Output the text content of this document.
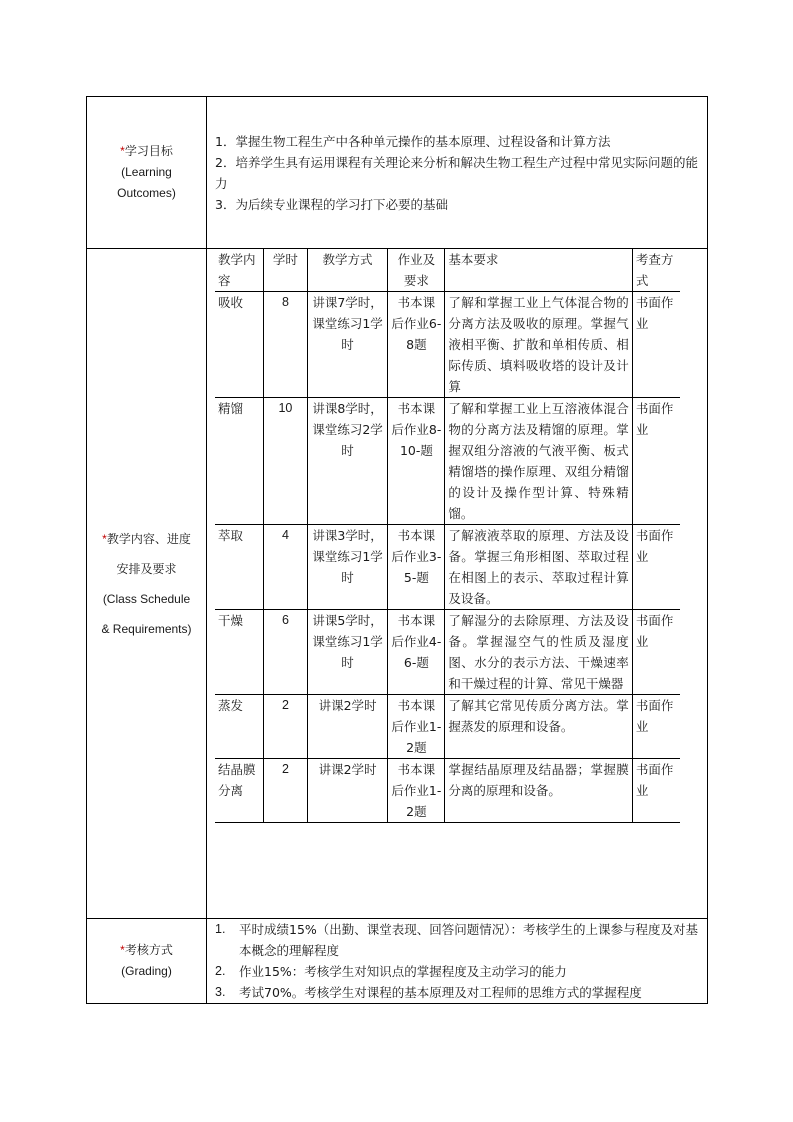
*学习目标
(Learning
Outcomes)

1．掌握生物工程生产中各种单元操作的基本原理、过程设备和计算方法
2．培养学生具有运用课程有关理论来分析和解决生物工程生产过程中常见实际问题的能力
3．为后续专业课程的学习打下必要的基础

*教学内容、进度
安排及要求
(Class Schedule
& Requirements)

教学内容	学时	教学方式	作业及要求	基本要求	考查方式
吸收	8	讲课7学时，课堂练习1学时	书本课后作业6-8题	了解和掌握工业上气体混合物的分离方法及吸收的原理。掌握气液相平衡、扩散和单相传质、相际传质、填料吸收塔的设计及计算	书面作业
精馏	10	讲课8学时，课堂练习2学时	书本课后作业8-10-题	了解和掌握工业上互溶液体混合物的分离方法及精馏的原理。掌握双组分溶液的气液平衡、板式精馏塔的操作原理、双组分精馏的设计及操作型计算、特殊精馏。	书面作业
萃取	4	讲课3学时，课堂练习1学时	书本课后作业3-5-题	了解液液萃取的原理、方法及设备。掌握三角形相图、萃取过程在相图上的表示、萃取过程计算及设备。	书面作业
干燥	6	讲课5学时，课堂练习1学时	书本课后作业4-6-题	了解湿分的去除原理、方法及设备。掌握湿空气的性质及湿度图、水分的表示方法、干燥速率和干燥过程的计算、常见干燥器	书面作业
蒸发	2	讲课2学时	书本课后作业1-2题	了解其它常见传质分离方法。掌握蒸发的原理和设备。	书面作业
结晶膜分离	2	讲课2学时	书本课后作业1-2题	掌握结晶原理及结晶器；掌握膜分离的原理和设备。	书面作业

*考核方式
(Grading)

1.	平时成绩15%（出勤、课堂表现、回答问题情况）：考核学生的上课参与程度及对基本概念的理解程度
2.	作业15%：考核学生对知识点的掌握程度及主动学习的能力
3.	考试70%。考核学生对课程的基本原理及对工程师的思维方式的掌握程度
